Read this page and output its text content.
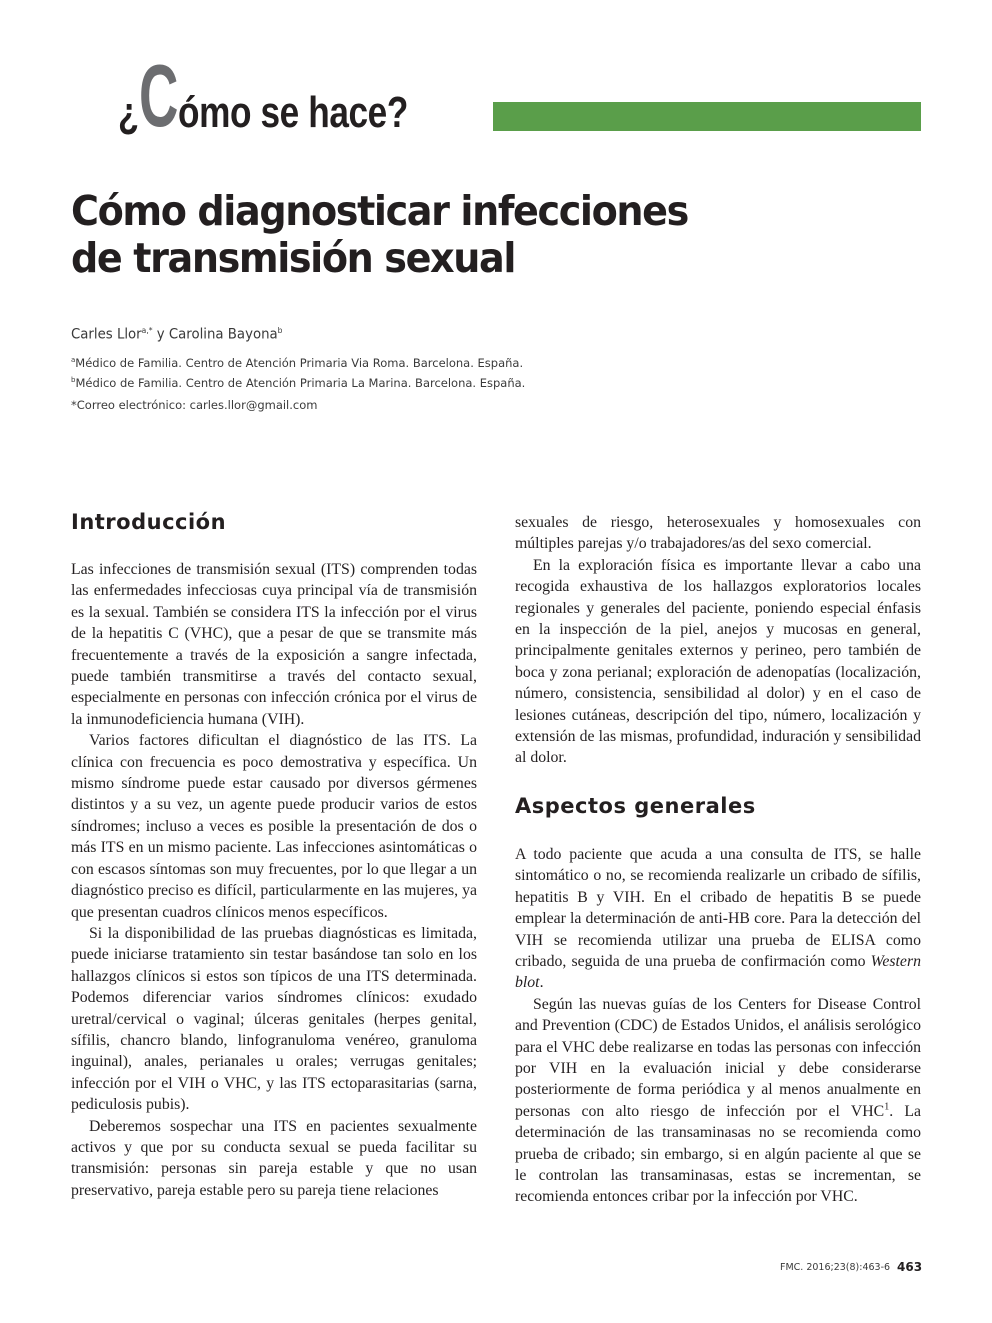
¿ C ómo se hace?
Cómo diagnosticar infecciones
de transmisión sexual
Carles Llor$^{a,*}$ y Carolina Bayona$^b$
$^a$Médico de Familia. Centro de Atención Primaria Via Roma. Barcelona. España.
$^b$Médico de Familia. Centro de Atención Primaria La Marina. Barcelona. España.
*Correo electrónico: carles.llor@gmail.com
Introducción

Las infecciones de transmisión sexual (ITS) comprenden todas las enfermedades infecciosas cuya principal vía de transmisión es la sexual. También se considera ITS la infección por el virus de la hepatitis C (VHC), que a pesar de que se transmite más frecuentemente a través de la exposición a sangre infectada, puede también transmitirse a través del contacto sexual, especialmente en personas con infección crónica por el virus de la inmunodeficiencia humana (VIH).

Varios factores dificultan el diagnóstico de las ITS. La clínica con frecuencia es poco demostrativa y específica. Un mismo síndrome puede estar causado por diversos gérmenes distintos y a su vez, un agente puede producir varios de estos síndromes; incluso a veces es posible la presentación de dos o más ITS en un mismo paciente. Las infecciones asintomáticas o con escasos síntomas son muy frecuentes, por lo que llegar a un diagnóstico preciso es difícil, particularmente en las mujeres, ya que presentan cuadros clínicos menos específicos.

Si la disponibilidad de las pruebas diagnósticas es limitada, puede iniciarse tratamiento sin testar basándose tan solo en los hallazgos clínicos si estos son típicos de una ITS determinada. Podemos diferenciar varios síndromes clínicos: exudado uretral/cervical o vaginal; úlceras genitales (herpes genital, sífilis, chancro blando, linfogranuloma venéreo, granuloma inguinal), anales, perianales u orales; verrugas genitales; infección por el VIH o VHC, y las ITS ectoparasitarias (sarna, pediculosis pubis).

Deberemos sospechar una ITS en pacientes sexualmente activos y que por su conducta sexual se pueda facilitar su transmisión: personas sin pareja estable y que no usan preservativo, pareja estable pero su pareja tiene relaciones

sexuales de riesgo, heterosexuales y homosexuales con múltiples parejas y/o trabajadores/as del sexo comercial.

En la exploración física es importante llevar a cabo una recogida exhaustiva de los hallazgos exploratorios locales regionales y generales del paciente, poniendo especial énfasis en la inspección de la piel, anejos y mucosas en general, principalmente genitales externos y perineo, pero también de boca y zona perianal; exploración de adenopatías (localización, número, consistencia, sensibilidad al dolor) y en el caso de lesiones cutáneas, descripción del tipo, número, localización y extensión de las mismas, profundidad, induración y sensibilidad al dolor.

Aspectos generales

A todo paciente que acuda a una consulta de ITS, se halle sintomático o no, se recomienda realizarle un cribado de sífilis, hepatitis B y VIH. En el cribado de hepatitis B se puede emplear la determinación de anti-HB core. Para la detección del VIH se recomienda utilizar una prueba de ELISA como cribado, seguida de una prueba de confirmación como Western blot.

Según las nuevas guías de los Centers for Disease Control and Prevention (CDC) de Estados Unidos, el análisis serológico para el VHC debe realizarse en todas las personas con infección por VIH en la evaluación inicial y debe considerarse posteriormente de forma periódica y al menos anualmente en personas con alto riesgo de infección por el VHC$^1$. La determinación de las transaminasas no se recomienda como prueba de cribado; sin embargo, si en algún paciente al que se le controlan las transaminasas, estas se incrementan, se recomienda entonces cribar por la infección por VHC.

FMC. 2016;23(8):463-6 463
